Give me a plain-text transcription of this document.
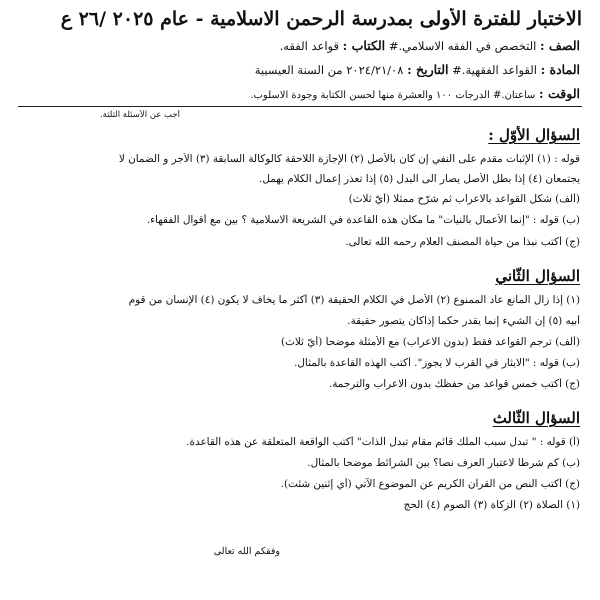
الاختبار للفترة الأولى بمدرسة الرحمن الاسلامية - عام ٢٠٢٥ /٢٦ ع
الصف : التخصص في الفقه الاسلامي.# الكتاب : قواعد الفقه.
المادة : القواعد الفقهية.# التاريخ : ٢٠٢٤/٢١/٠٨ من السنة العيسيية
الوقت : ساعتان.# الدرجات ١٠٠ والعشرة منها لحسن الكتابة وجودة الاسلوب.
أجب عن الأسئلة الثلثة.
السؤال الأوّل :
قوله : (١) الإثبات مقدم على النفي إن كان بالأصل (٢) الإجازة اللاحقة كالوكالة السابقة (٣) الأجر و الضمان لا
يجتمعان (٤) إذا بطل الأصل يصار الى البدل (٥) إذا تعذر إعمال الكلام يهمل.
(ألف) شكل القواعد بالاعراب ثم شرّح ممثلا (أيّ ثلاث)
(ب) قوله : "إنما الأعمال بالنيات" ما مكان هذه القاعدة في الشريعة الاسلامية ؟ بين مع أقوال الفقهاء.
(ج) أكتب نبذا من حياة المصنف العلام رحمه الله تعالى.
السؤال الثّاني
(١) إذا زال المانع عاد الممنوع (٢) الأصل في الكلام الحقيقة (٣) أكثر ما يخاف لا يكون (٤) الإنسان من قوم
أبيه (٥) إن الشيء إنما يقدر حكما إذاكان يتصور حقيقة.
(ألف) ترجم القواعد فقط (بدون الاعراب) مع الأمثلة موضحاً (أيّ ثلاث)
(ب) قوله : "الايثار في القرب لا يجوز". أكتب الهذه القاعدة بالمثال.
(ج) أكتب خمس قواعد من حفظك بدون الاعراب والترجمة.
السؤال الثّالث
(أ) قوله : " تبدل سبب الملك قائم مقام تبدل الذات" أكتب الواقعة المتعلقة عن هذه القاعدة.
(ب) كم شرطا لاعتبار العرف نصا؟ بين الشرائط موضحا بالمثال.
(ج) أكتب النص من القرآن الكريم عن الموضوع الآتي (أي إثنين شئت).
(١) الصلاة (٢) الزكاة (٣) الصوم (٤) الحج
وفقكم الله تعالى
